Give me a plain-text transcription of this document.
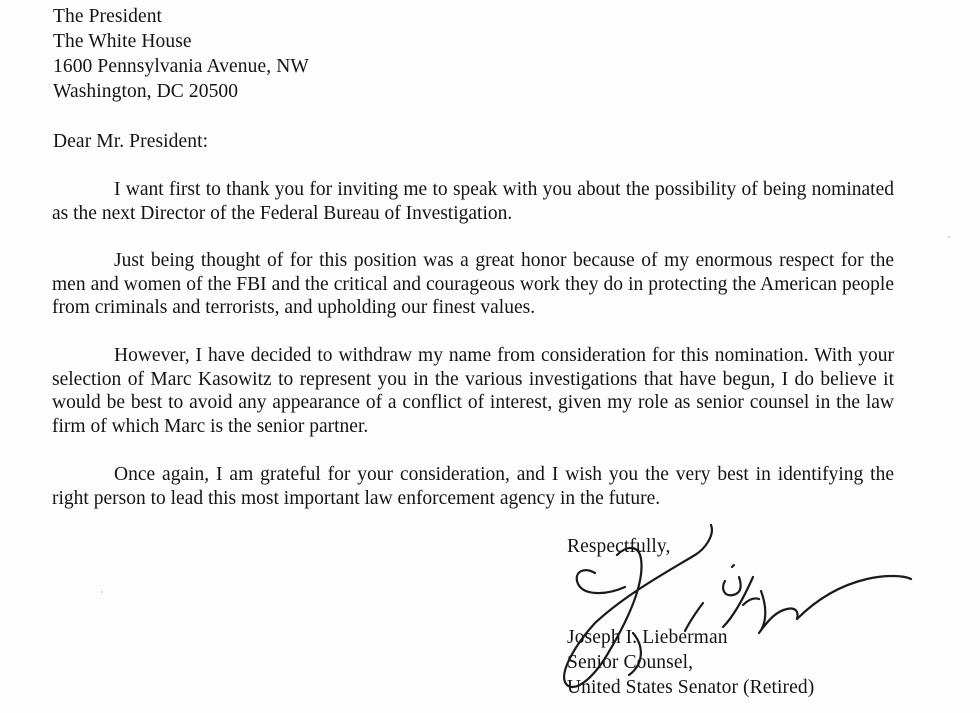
The President
The White House
1600 Pennsylvania Avenue, NW
Washington, DC 20500
Dear Mr. President:
I want first to thank you for inviting me to speak with you about the possibility of being nominated as the next Director of the Federal Bureau of Investigation.
Just being thought of for this position was a great honor because of my enormous respect for the men and women of the FBI and the critical and courageous work they do in protecting the American people from criminals and terrorists, and upholding our finest values.
However, I have decided to withdraw my name from consideration for this nomination. With your selection of Marc Kasowitz to represent you in the various investigations that have begun, I do believe it would be best to avoid any appearance of a conflict of interest, given my role as senior counsel in the law firm of which Marc is the senior partner.
Once again, I am grateful for your consideration, and I wish you the very best in identifying the right person to lead this most important law enforcement agency in the future.
Respectfully,
Joseph I. Lieberman
Senior Counsel,
United States Senator (Retired)
